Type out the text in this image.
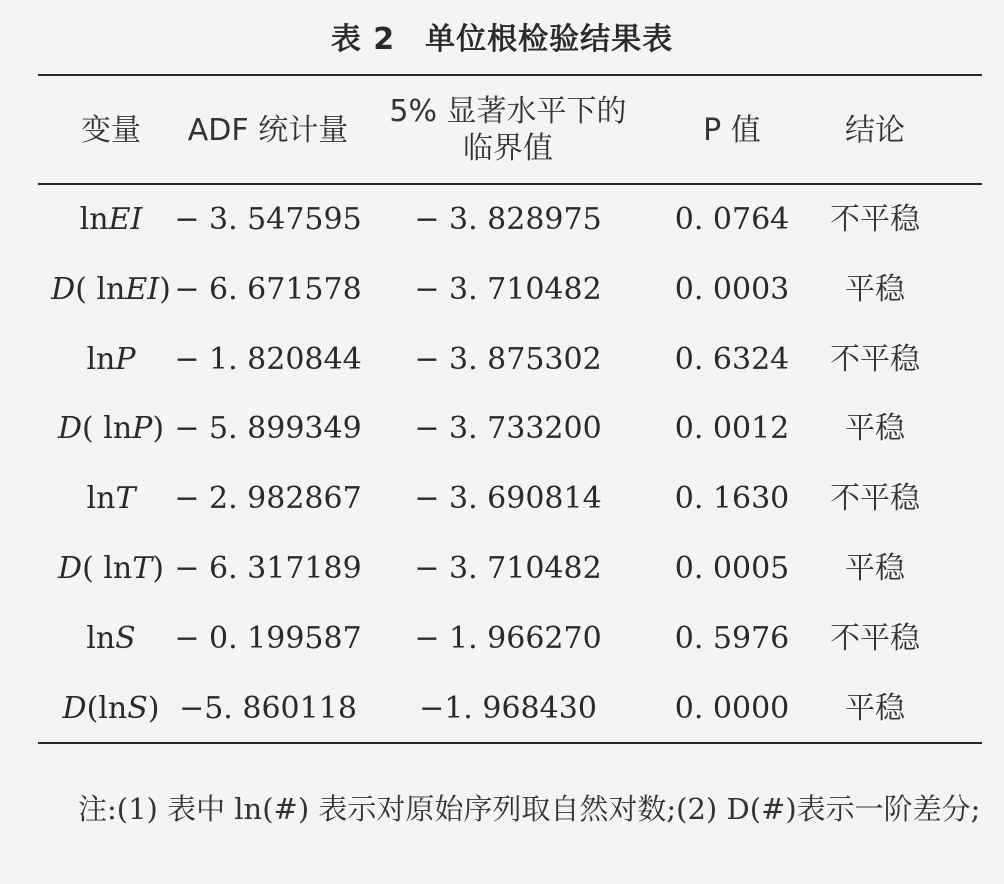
表 2 单位根检验结果表
变量 ADF 统计量
5% 显著水平下的
临界值
P 值	结论
lnEI − 3. 547595 − 3. 828975 0. 0764 不平稳
D( lnEI) − 6. 671578 − 3. 710482 0. 0003 平稳
lnP − 1. 820844 − 3. 875302 0. 6324 不平稳
D( lnP) − 5. 899349 − 3. 733200 0. 0012 平稳
lnT − 2. 982867 − 3. 690814 0. 1630 不平稳
D( lnT) − 6. 317189 − 3. 710482 0. 0005 平稳
lnS − 0. 199587 − 1. 966270 0. 5976 不平稳
D(lnS) −5. 860118 −1. 968430	0. 0000 平稳
注:(1) 表中 ln(#) 表示对原始序列取自然对数;(2) D(#)表示一阶差分;
